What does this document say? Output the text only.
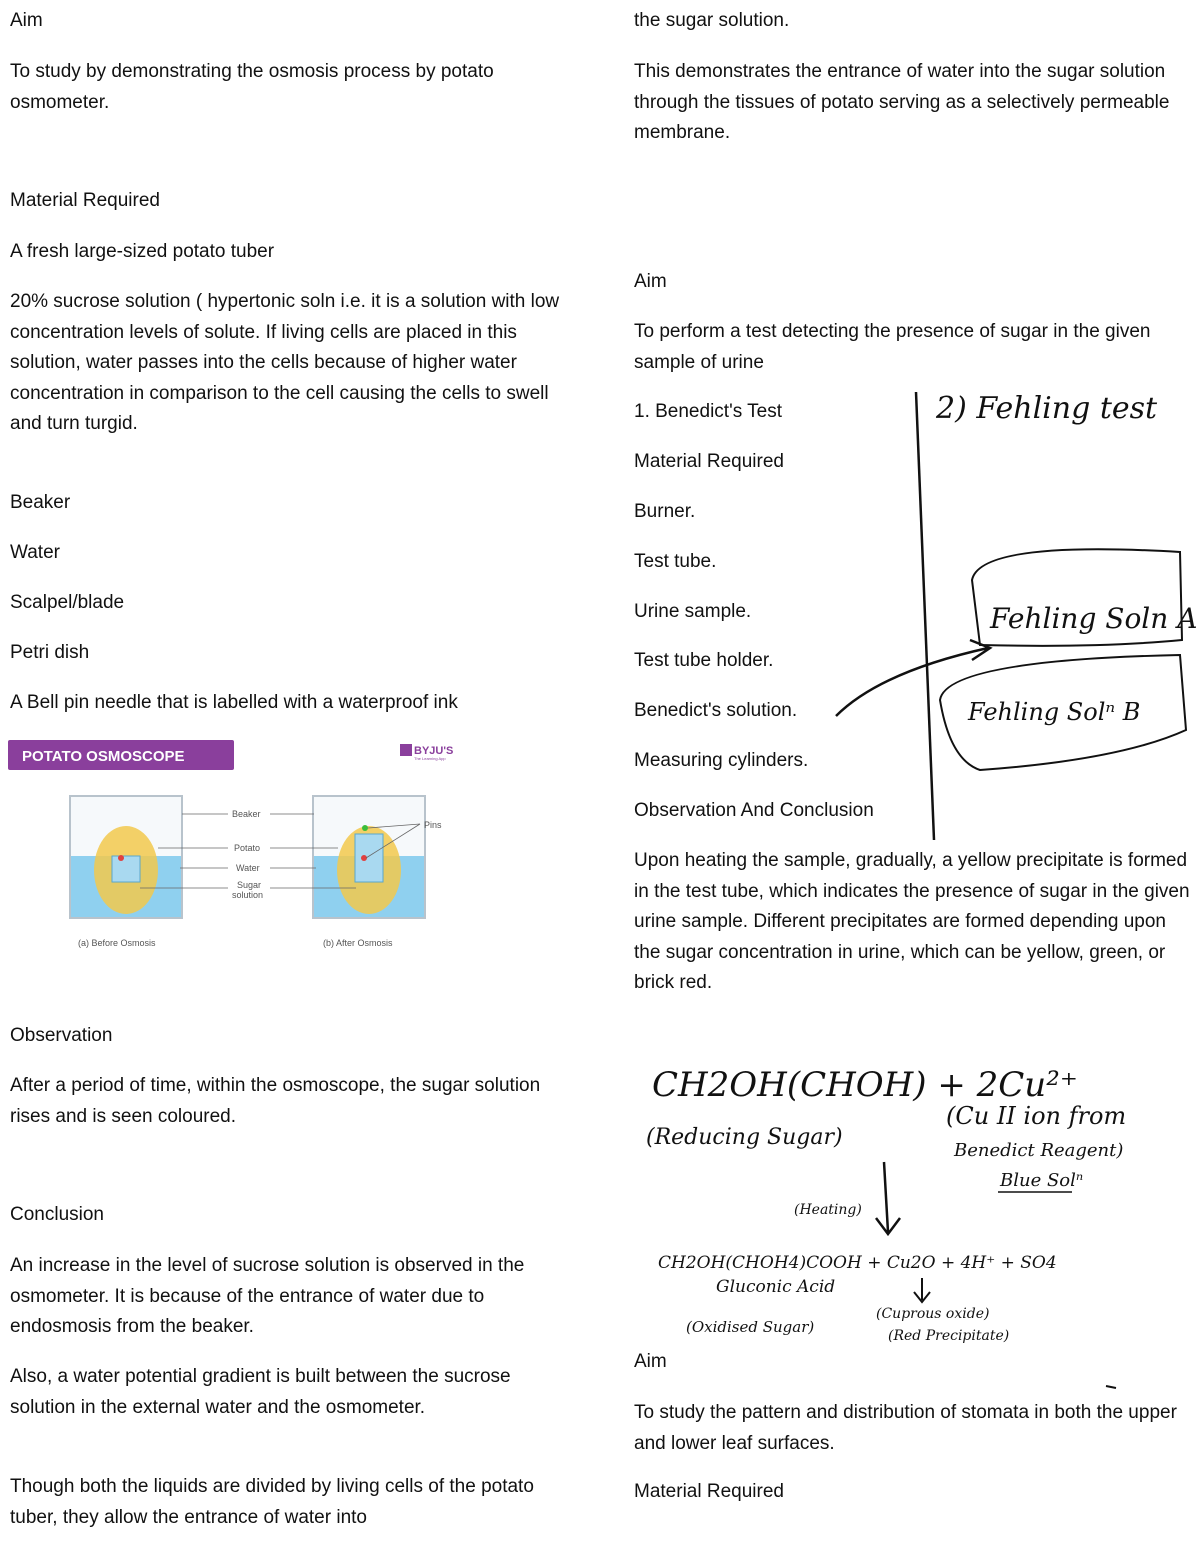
Aim
To study by demonstrating the osmosis process by potato osmometer.
Material Required
A fresh large-sized potato tuber
20% sucrose solution ( hypertonic soln i.e. it is a solution with low concentration levels of solute. If living cells are placed in this solution, water passes into the cells because of higher water concentration in comparison to the cell causing the cells to swell and turn turgid.
Beaker
Water
Scalpel/blade
Petri dish
A Bell pin needle that is labelled with a waterproof ink
Observation
After a period of time, within the osmoscope, the sugar solution rises and is seen coloured.
Conclusion
An increase in the level of sucrose solution is observed in the osmometer. It is because of the entrance of water due to endosmosis from the beaker.
Also, a water potential gradient is built between the sucrose solution in the external water and the osmometer.
Though both the liquids are divided by living cells of the potato tuber, they allow the entrance of water into
POTATO OSMOSCOPE	BYJU'S
The Learning App
Beaker
Potato
Water
Sugar
solution
Pins
(a) Before Osmosis	(b) After Osmosis
the sugar solution.
This demonstrates the entrance of water into the sugar solution through the tissues of potato serving as a selectively permeable membrane.
Aim
To perform a test detecting the presence of sugar in the given sample of urine
1. Benedict's Test
Material Required
Burner.
Test tube.
Urine sample.
Test tube holder.
Benedict's solution.
Measuring cylinders.
Observation And Conclusion
Upon heating the sample, gradually, a yellow precipitate is formed in the test tube, which indicates the presence of sugar in the given urine sample. Different precipitates are formed depending upon the sugar concentration in urine, which can be yellow, green, or brick red.
Aim
To study the pattern and distribution of stomata in both the upper and lower leaf surfaces.
Material Required
2) Fehling test
Fehling Soln A
Fehling Solⁿ B
CH2OH(CHOH) + 2Cu²⁺
(Reducing Sugar)
(Cu II ion from
Benedict Reagent)
Blue Solⁿ
(Heating)
CH2OH(CHOH4)COOH + Cu2O + 4H⁺ + SO4
Gluconic Acid
(Oxidised Sugar)
(Cuprous oxide)
(Red Precipitate)
